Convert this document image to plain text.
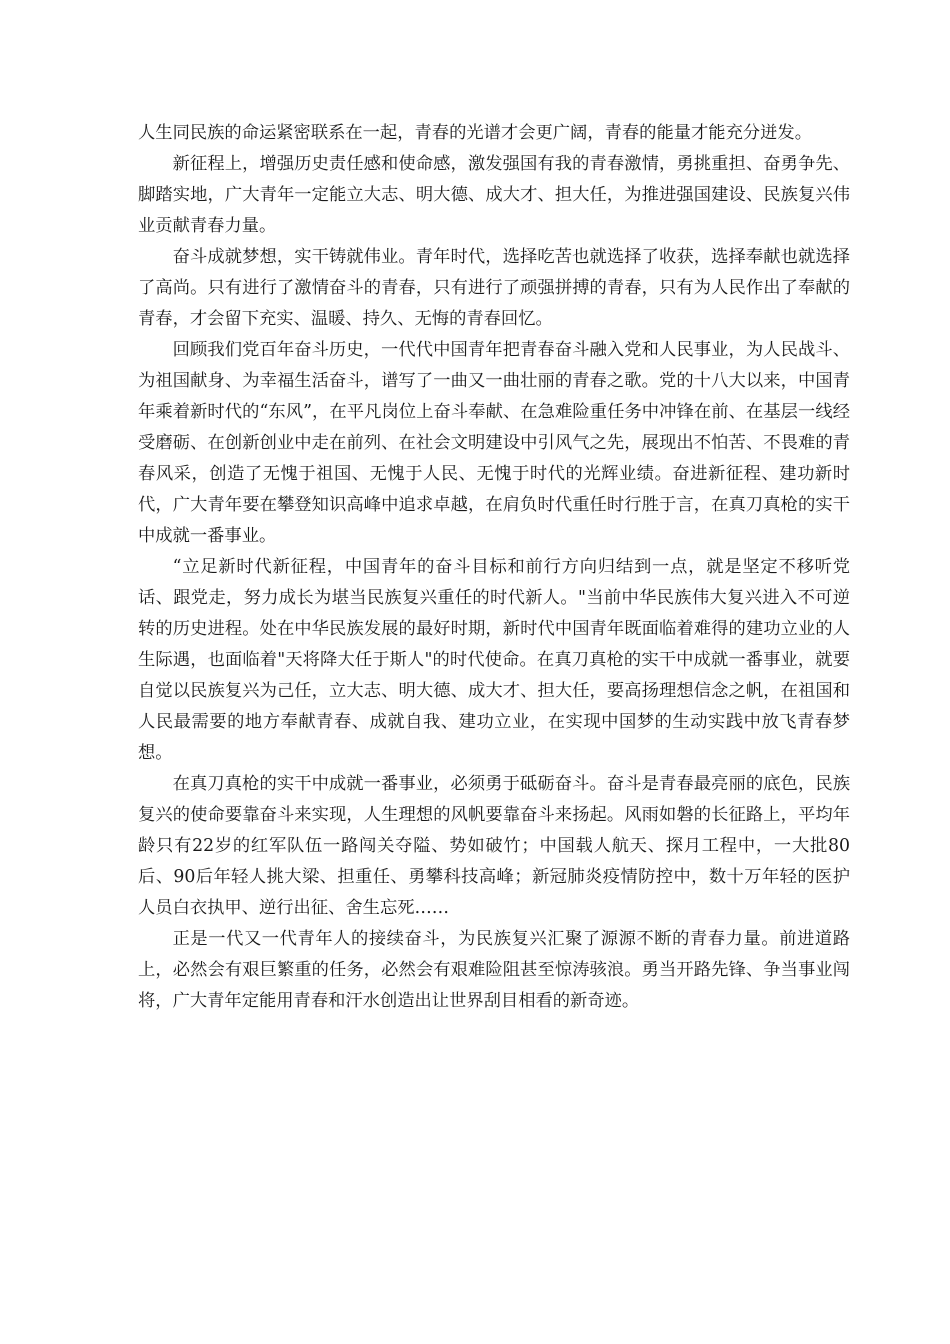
人生同民族的命运紧密联系在一起，青春的光谱才会更广阔，青春的能量才能充分迸发。

新征程上，增强历史责任感和使命感，激发强国有我的青春激情，勇挑重担、奋勇争先、脚踏实地，广大青年一定能立大志、明大德、成大才、担大任，为推进强国建设、民族复兴伟业贡献青春力量。

奋斗成就梦想，实干铸就伟业。青年时代，选择吃苦也就选择了收获，选择奉献也就选择了高尚。只有进行了激情奋斗的青春，只有进行了顽强拼搏的青春，只有为人民作出了奉献的青春，才会留下充实、温暖、持久、无悔的青春回忆。

回顾我们党百年奋斗历史，一代代中国青年把青春奋斗融入党和人民事业，为人民战斗、为祖国献身、为幸福生活奋斗，谱写了一曲又一曲壮丽的青春之歌。党的十八大以来，中国青年乘着新时代的“东风”，在平凡岗位上奋斗奉献、在急难险重任务中冲锋在前、在基层一线经受磨砺、在创新创业中走在前列、在社会文明建设中引风气之先，展现出不怕苦、不畏难的青春风采，创造了无愧于祖国、无愧于人民、无愧于时代的光辉业绩。奋进新征程、建功新时代，广大青年要在攀登知识高峰中追求卓越，在肩负时代重任时行胜于言，在真刀真枪的实干中成就一番事业。

“立足新时代新征程，中国青年的奋斗目标和前行方向归结到一点，就是坚定不移听党话、跟党走，努力成长为堪当民族复兴重任的时代新人。"当前中华民族伟大复兴进入不可逆转的历史进程。处在中华民族发展的最好时期，新时代中国青年既面临着难得的建功立业的人生际遇，也面临着"天将降大任于斯人"的时代使命。在真刀真枪的实干中成就一番事业，就要自觉以民族复兴为己任，立大志、明大德、成大才、担大任，要高扬理想信念之帆，在祖国和人民最需要的地方奉献青春、成就自我、建功立业，在实现中国梦的生动实践中放飞青春梦想。

在真刀真枪的实干中成就一番事业，必须勇于砥砺奋斗。奋斗是青春最亮丽的底色，民族复兴的使命要靠奋斗来实现，人生理想的风帆要靠奋斗来扬起。风雨如磐的长征路上，平均年龄只有22岁的红军队伍一路闯关夺隘、势如破竹；中国载人航天、探月工程中，一大批80后、90后年轻人挑大梁、担重任、勇攀科技高峰；新冠肺炎疫情防控中，数十万年轻的医护人员白衣执甲、逆行出征、舍生忘死……

正是一代又一代青年人的接续奋斗，为民族复兴汇聚了源源不断的青春力量。前进道路上，必然会有艰巨繁重的任务，必然会有艰难险阻甚至惊涛骇浪。勇当开路先锋、争当事业闯将，广大青年定能用青春和汗水创造出让世界刮目相看的新奇迹。
